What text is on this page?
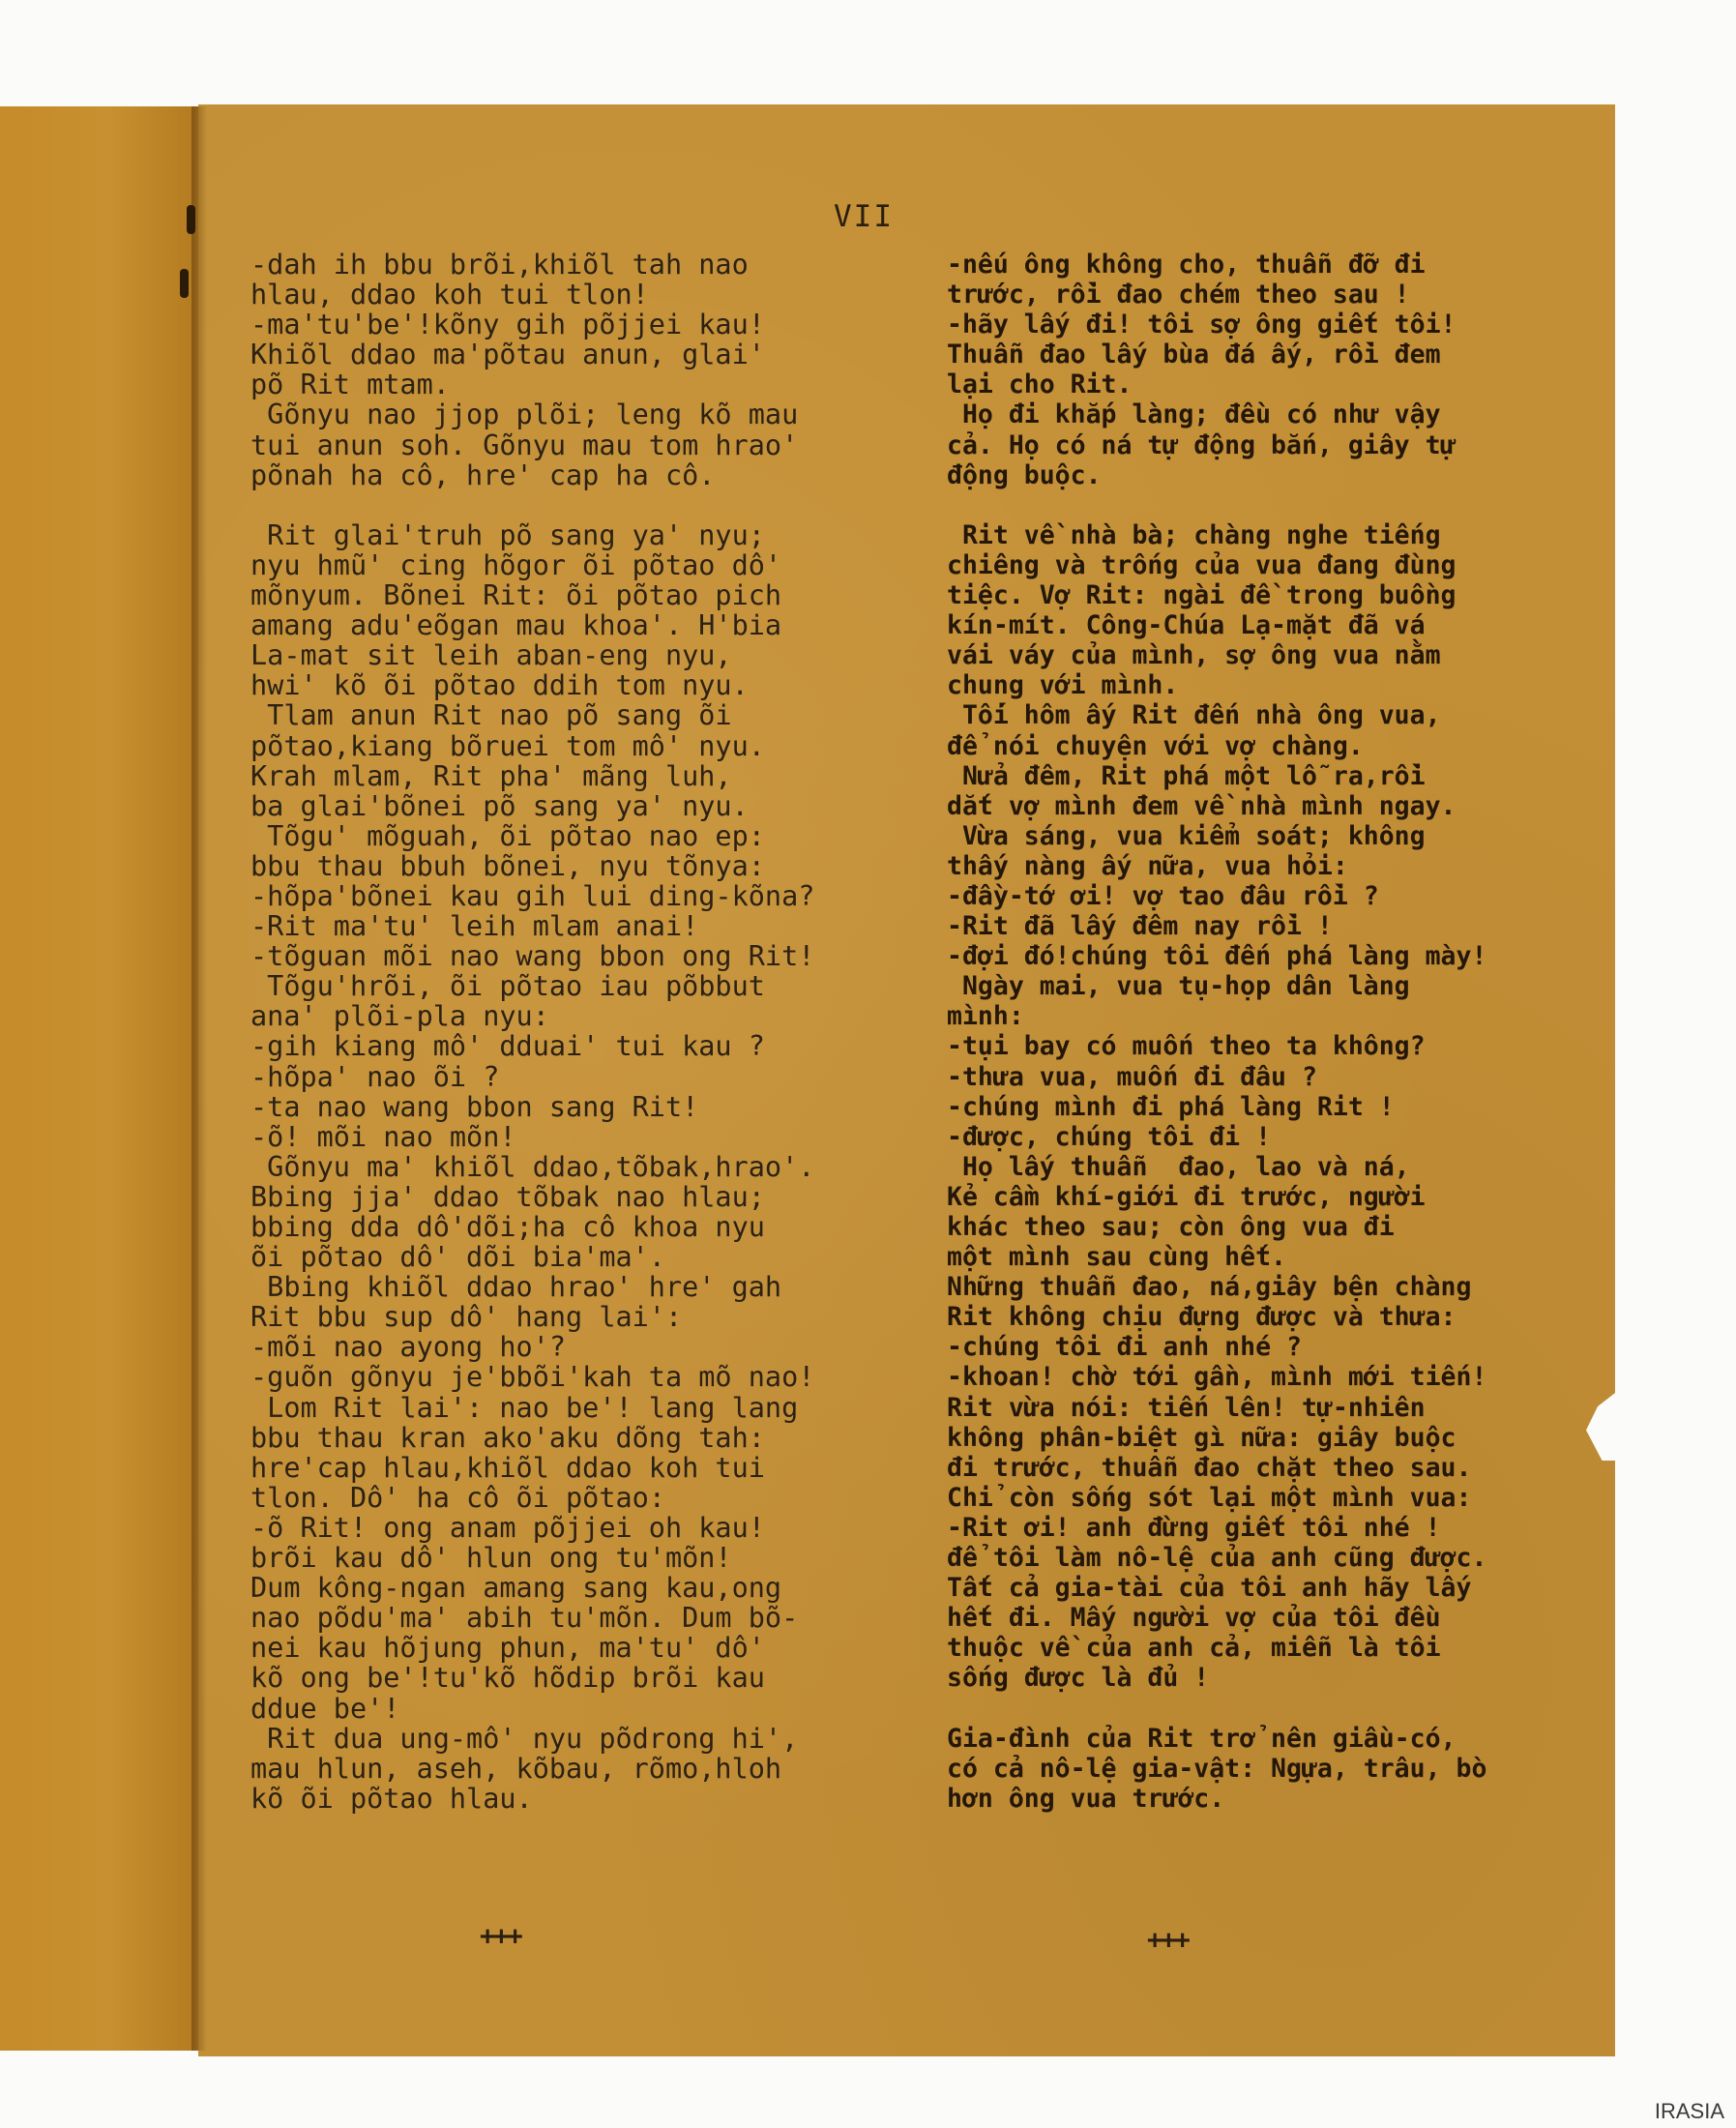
VII
-dah ih bbu brõi,khiõl tah nao
hlau, ddao koh tui tlon!
-ma'tu'be'!kõny gih põjjei kau!
Khiõl ddao ma'põtau anun, glai'
põ Rit mtam.
Gõnyu nao jjop plõi; leng kõ mau
tui anun soh. Gõnyu mau tom hrao'
põnah ha cô, hre' cap ha cô.

Rit glai'truh põ sang ya' nyu;
nyu hmũ' cing hõgor õi põtao dô'
mõnyum. Bõnei Rit: õi põtao pich
amang adu'eõgan mau khoa'. H'bia
La-mat sit leih aban-eng nyu,
hwi' kõ õi põtao ddih tom nyu.
Tlam anun Rit nao põ sang õi
põtao,kiang bõruei tom mô' nyu.
Krah mlam, Rit pha' mãng luh,
ba glai'bõnei põ sang ya' nyu.
Tõgu' mõguah, õi põtao nao ep:
bbu thau bbuh bõnei, nyu tõnya:
-hõpa'bõnei kau gih lui ding-kõna?
-Rit ma'tu' leih mlam anai!
-tõguan mõi nao wang bbon ong Rit!
Tõgu'hrõi, õi põtao iau põbbut
ana' plõi-pla nyu:
-gih kiang mô' dduai' tui kau ?
-hõpa' nao õi ?
-ta nao wang bbon sang Rit!
-õ! mõi nao mõn!
Gõnyu ma' khiõl ddao,tõbak,hrao'.
Bbing jja' ddao tõbak nao hlau;
bbing dda dô'dõi;ha cô khoa nyu
õi põtao dô' dõi bia'ma'.
Bbing khiõl ddao hrao' hre' gah
Rit bbu sup dô' hang lai':
-mõi nao ayong ho'?
-guõn gõnyu je'bbõi'kah ta mõ nao!
Lom Rit lai': nao be'! lang lang
bbu thau kran ako'aku dõng tah:
hre'cap hlau,khiõl ddao koh tui
tlon. Dô' ha cô õi põtao:
-õ Rit! ong anam põjjei oh kau!
brõi kau dô' hlun ong tu'mõn!
Dum kông-ngan amang sang kau,ong
nao põdu'ma' abih tu'mõn. Dum bõ-
nei kau hõjung phun, ma'tu' dô'
kõ ong be'!tu'kõ hõdip brõi kau
ddue be'!
Rit dua ung-mô' nyu põdrong hi',
mau hlun, aseh, kõbau, rõmo,hloh
kõ õi põtao hlau.
-nếu ông không cho, thuẫn đỡ đi
trước, rồi đao chém theo sau !
-hãy lấy đi! tôi sợ ông giết tôi!
Thuẫn đao lấy bùa đá ấy, rồi đem
lại cho Rit.
Họ đi khắp làng; đều có như vậy
cả. Họ có ná tự động bắn, giây tự
động buộc.

Rit về nhà bà; chàng nghe tiếng
chiêng và trống của vua đang đùng
tiệc. Vợ Rit: ngài đề trong buồng
kín-mít. Công-Chúa Lạ-mặt đã vá
vái váy của mình, sợ ông vua nằm
chung với mình.
Tối hôm ấy Rit đến nhà ông vua,
để nói chuyện với vợ chàng.
Nửa đêm, Rit phá một lỗ ra,rồi
dắt vợ mình đem về nhà mình ngay.
Vừa sáng, vua kiểm soát; không
thấy nàng ấy nữa, vua hỏi:
-đầy-tớ ơi! vợ tao đâu rồi ?
-Rit đã lấy đêm nay rồi !
-đợi đó!chúng tôi đến phá làng mày!
Ngày mai, vua tụ-họp dân làng
mình:
-tụi bay có muốn theo ta không?
-thưa vua, muốn đi đâu ?
-chúng mình đi phá làng Rit !
-được, chúng tôi đi !
Họ lấy thuẫn  đao, lao và ná,
Kẻ cầm khí-giới đi trước, người
khác theo sau; còn ông vua đi
một mình sau cùng hết.
Những thuẫn đao, ná,giây bện chàng
Rit không chịu đựng được và thưa:
-chúng tôi đi anh nhé ?
-khoan! chờ tới gần, mình mới tiến!
Rit vừa nói: tiến lên! tự-nhiên
không phân-biệt gì nữa: giây buộc
đi trước, thuẫn đao chặt theo sau.
Chỉ còn sống sót lại một mình vua:
-Rit ơi! anh đừng giết tôi nhé !
để tôi làm nô-lệ của anh cũng được.
Tất cả gia-tài của tôi anh hãy lấy
hết đi. Mấy người vợ của tôi đều
thuộc về của anh cả, miễn là tôi
sống được là đủ !

Gia-đình của Rit trở nên giầu-có,
có cả nô-lệ gia-vật: Ngựa, trâu, bò
hơn ông vua trước.
+++	+++
IRASIA
